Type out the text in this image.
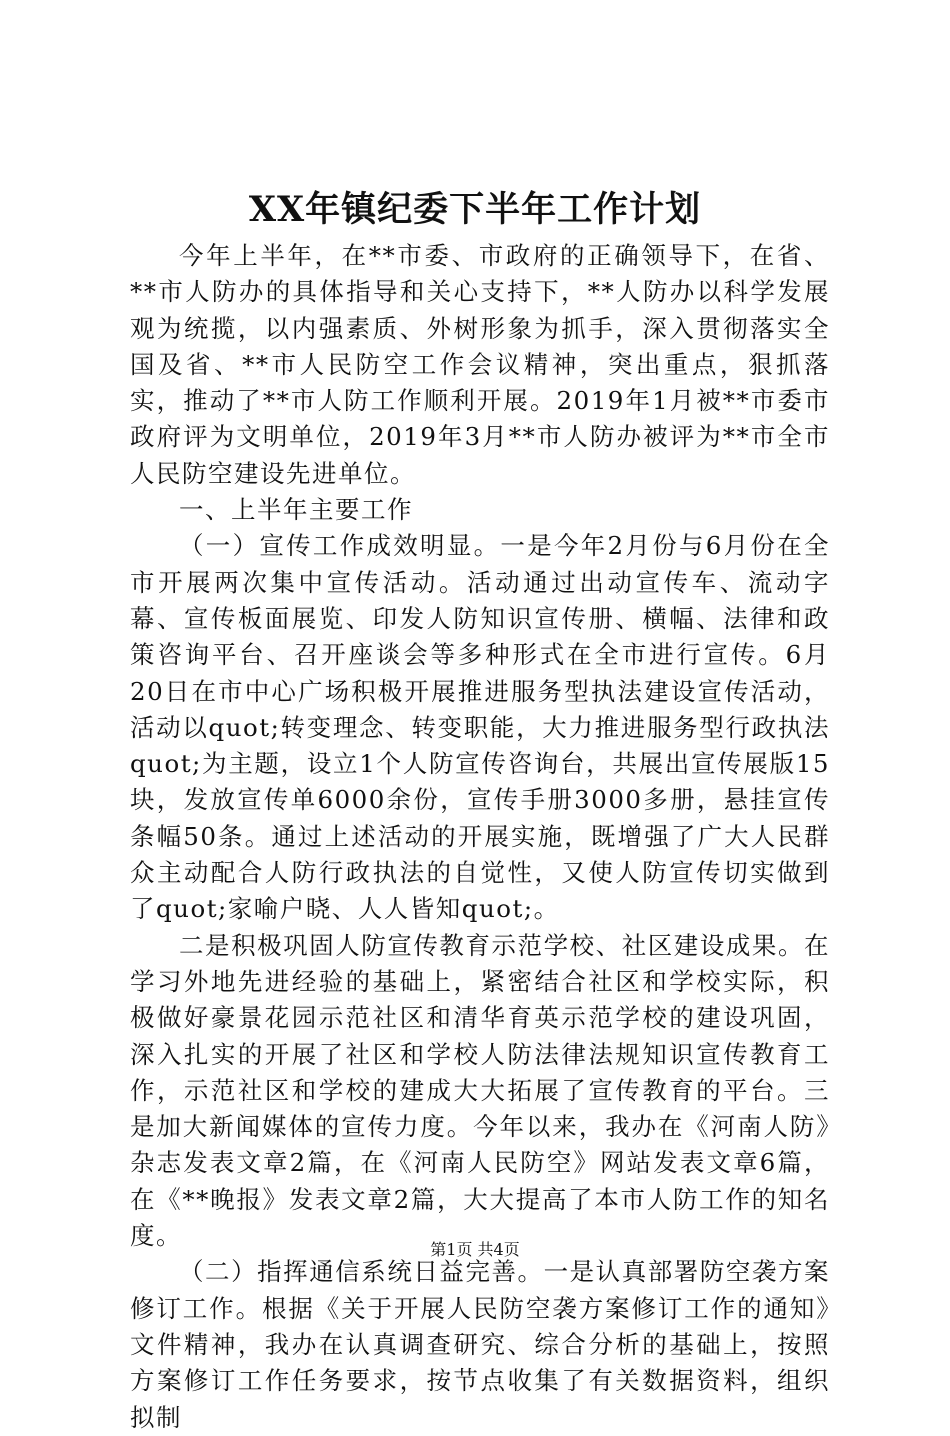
XX年镇纪委下半年工作计划

今年上半年，在**市委、市政府的正确领导下，在省、**市人防办的具体指导和关心支持下，**人防办以科学发展观为统揽，以内强素质、外树形象为抓手，深入贯彻落实全国及省、**市人民防空工作会议精神，突出重点，狠抓落实，推动了**市人防工作顺利开展。2019年1月被**市委市政府评为文明单位，2019年3月**市人防办被评为**市全市人民防空建设先进单位。

一、上半年主要工作

（一）宣传工作成效明显。一是今年2月份与6月份在全市开展两次集中宣传活动。活动通过出动宣传车、流动字幕、宣传板面展览、印发人防知识宣传册、横幅、法律和政策咨询平台、召开座谈会等多种形式在全市进行宣传。6月20日在市中心广场积极开展推进服务型执法建设宣传活动，活动以quot;转变理念、转变职能，大力推进服务型行政执法quot;为主题，设立1个人防宣传咨询台，共展出宣传展版15块，发放宣传单6000余份，宣传手册3000多册，悬挂宣传条幅50条。通过上述活动的开展实施，既增强了广大人民群众主动配合人防行政执法的自觉性，又使人防宣传切实做到了quot;家喻户晓、人人皆知quot;。

二是积极巩固人防宣传教育示范学校、社区建设成果。在学习外地先进经验的基础上，紧密结合社区和学校实际，积极做好豪景花园示范社区和清华育英示范学校的建设巩固，深入扎实的开展了社区和学校人防法律法规知识宣传教育工作，示范社区和学校的建成大大拓展了宣传教育的平台。三是加大新闻媒体的宣传力度。今年以来，我办在《河南人防》杂志发表文章2篇，在《河南人民防空》网站发表文章6篇，在《**晚报》发表文章2篇，大大提高了本市人防工作的知名度。

（二）指挥通信系统日益完善。一是认真部署防空袭方案修订工作。根据《关于开展人民防空袭方案修订工作的通知》文件精神，我办在认真调查研究、综合分析的基础上，按照方案修订工作任务要求，按节点收集了有关数据资料，组织拟制

第1页 共4页
